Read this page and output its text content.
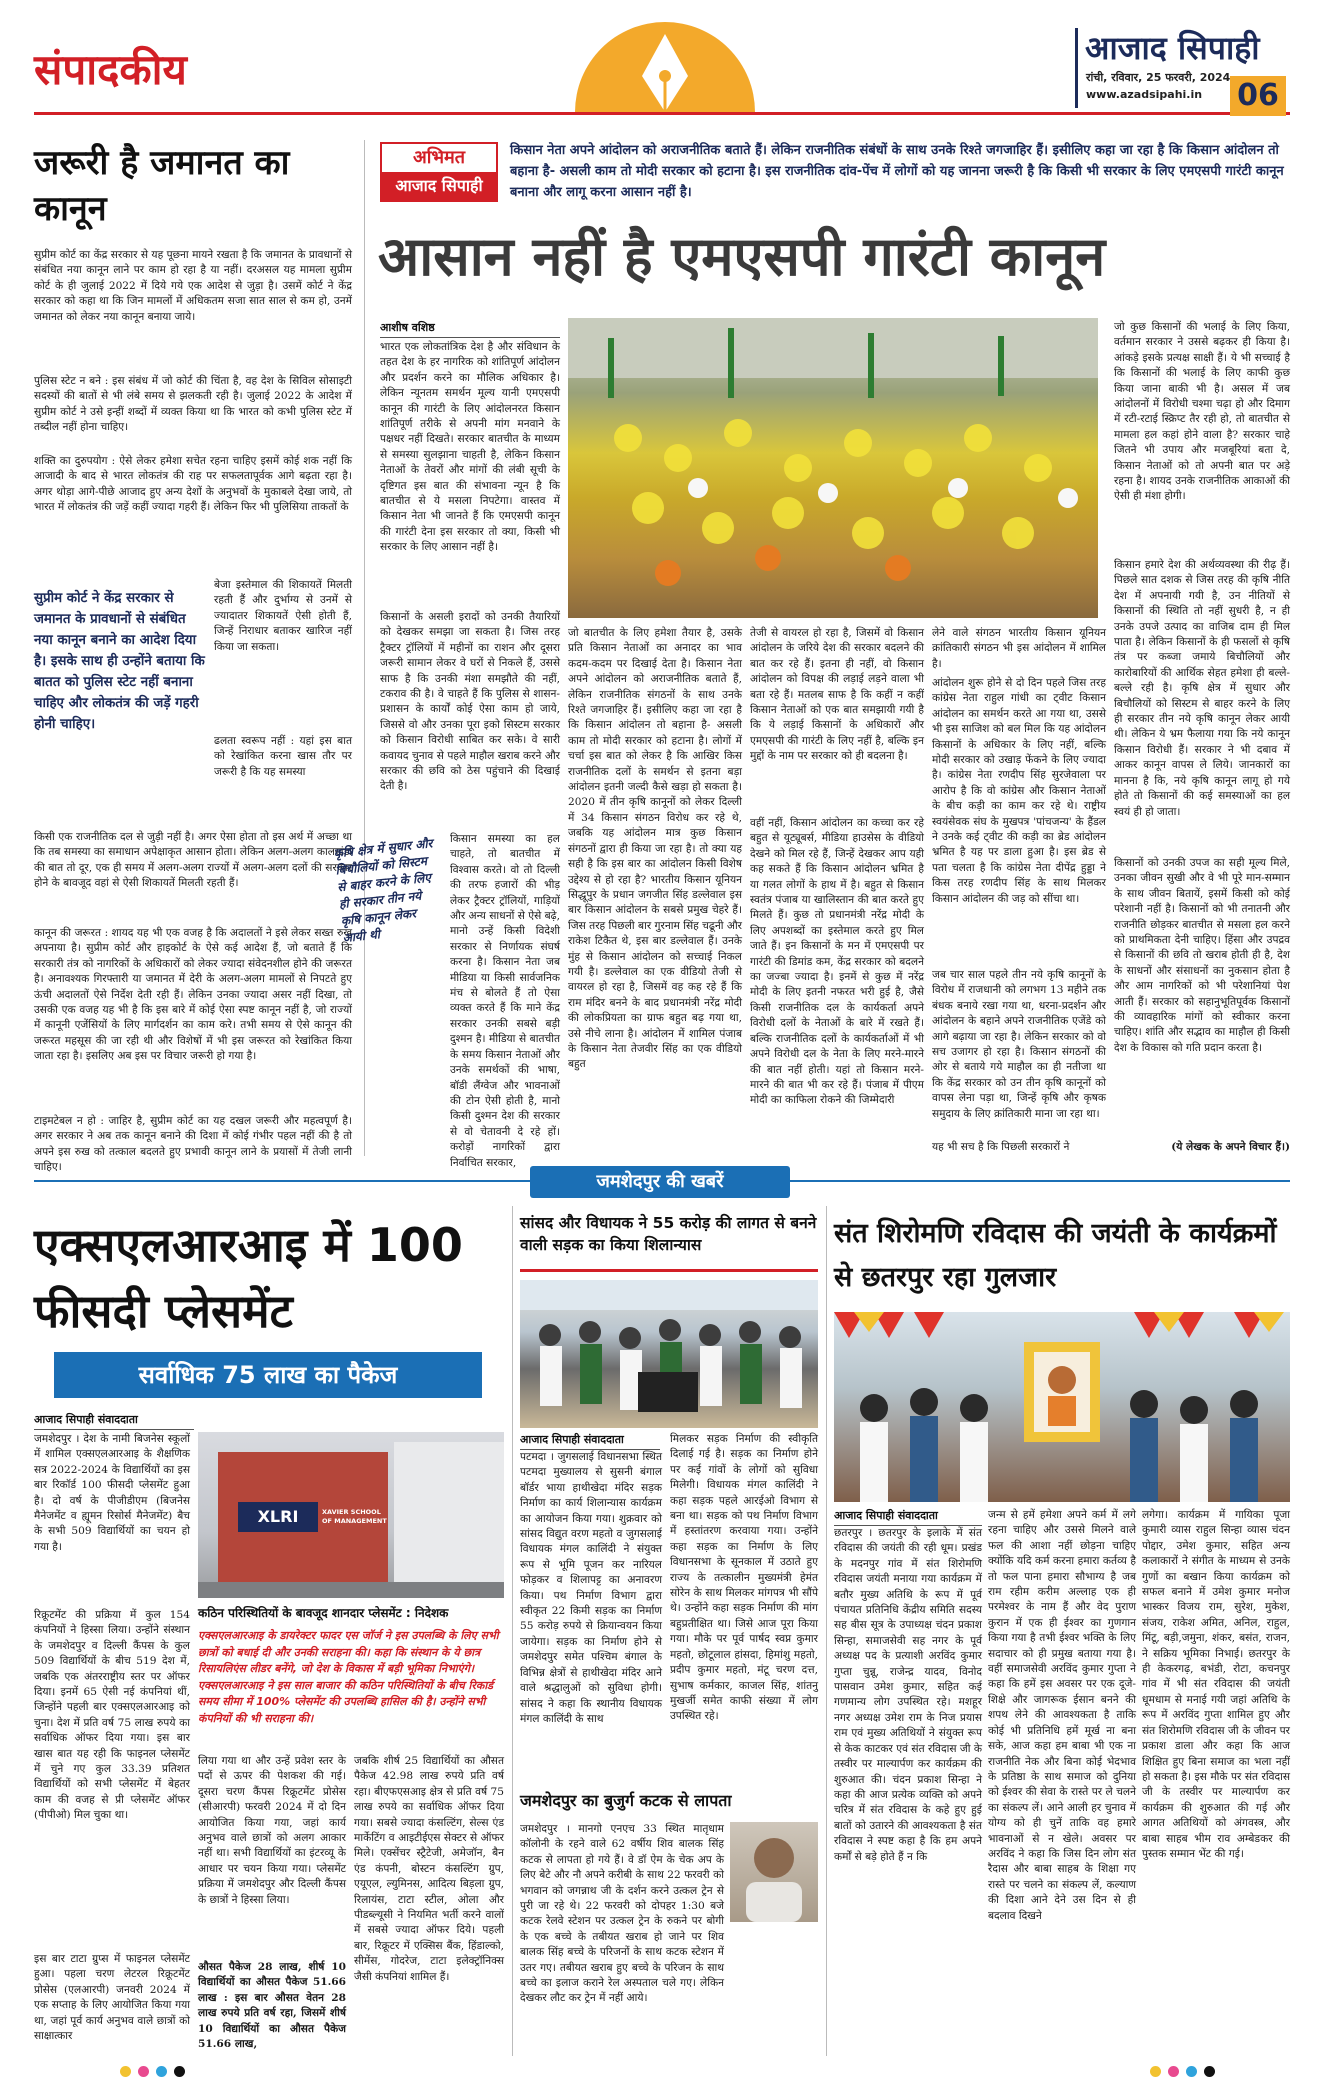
संपादकीय	आजाद सिपाही
रांची, रविवार, 25 फरवरी, 2024
www.azadsipahi.in 06
जरूरी है जमानत का कानून
सुप्रीम कोर्ट का केंद्र सरकार से यह पूछना मायने रखता है कि जमानत के प्रावधानों से संबंधित नया कानून लाने पर काम हो रहा है या नहीं। दरअसल यह मामला सुप्रीम कोर्ट के ही जुलाई 2022 में दिये गये एक आदेश से जुड़ा है। उसमें कोर्ट ने केंद्र सरकार को कहा था कि जिन मामलों में अधिकतम सजा सात साल से कम हो, उनमें जमानत को लेकर नया कानून बनाया जाये।
पुलिस स्टेट न बने : इस संबंध में जो कोर्ट की चिंता है, वह देश के सिविल सोसाइटी सदस्यों की बातों से भी लंबे समय से झलकती रही है। जुलाई 2022 के आदेश में सुप्रीम कोर्ट ने उसे इन्हीं शब्दों में व्यक्त किया था कि भारत को कभी पुलिस स्टेट में तब्दील नहीं होना चाहिए।
शक्ति का दुरुपयोग : ऐसे लेकर हमेशा सचेत रहना चाहिए इसमें कोई शक नहीं कि आजादी के बाद से भारत लोकतंत्र की राह पर सफलतापूर्वक आगे बढ़ता रहा है। अगर थोड़ा आगे-पीछे आजाद हुए अन्य देशों के अनुभवों के मुकाबले देखा जाये, तो भारत में लोकतंत्र की जड़ें कहीं ज्यादा गहरी हैं। लेकिन फिर भी पुलिसिया ताकतों के
बेजा इस्तेमाल की शिकायतें मिलती रहती हैं और दुर्भाग्य से उनमें से ज्यादातर शिकायतें ऐसी होती हैं, जिन्हें निराधार बताकर खारिज नहीं किया जा सकता।
ढलता स्वरूप नहीं : यहां इस बात को रेखांकित करना खास तौर पर जरूरी है कि यह समस्या
सुप्रीम कोर्ट ने केंद्र सरकार से जमानत के प्रावधानों से संबंधित नया कानून बनाने का आदेश दिया है। इसके साथ ही उन्होंने बताया कि बातत को पुलिस स्टेट नहीं बनाना चाहिए और लोकतंत्र की जड़ें गहरी होनी चाहिए।
किसी एक राजनीतिक दल से जुड़ी नहीं है। अगर ऐसा होता तो इस अर्थ में अच्छा था कि तब समस्या का समाधान अपेक्षाकृत आसान होता। लेकिन अलग-अलग कालखंडों की बात तो दूर, एक ही समय में अलग-अलग राज्यों में अलग-अलग दलों की सरकार होने के बावजूद वहां से ऐसी शिकायतें मिलती रहती हैं।
कानून की जरूरत : शायद यह भी एक वजह है कि अदालतों ने इसे लेकर सख्त रुख अपनाया है। सुप्रीम कोर्ट और हाइकोर्ट के ऐसे कई आदेश हैं, जो बताते हैं कि सरकारी तंत्र को नागरिकों के अधिकारों को लेकर ज्यादा संवेदनशील होने की जरूरत है। अनावश्यक गिरफ्तारी या जमानत में देरी के अलग-अलग मामलों से निपटते हुए ऊंची अदालतों ऐसे निर्देश देती रही हैं। लेकिन उनका ज्यादा असर नहीं दिखा, तो उसकी एक वजह यह भी है कि इस बारे में कोई ऐसा स्पष्ट कानून नहीं है, जो राज्यों में कानूनी एजेंसियों के लिए मार्गदर्शन का काम करे। तभी समय से ऐसे कानून की जरूरत महसूस की जा रही थी और विशेषों में भी इस जरूरत को रेखांकित किया जाता रहा है। इसलिए अब इस पर विचार जरूरी हो गया है।
टाइमटेबल न हो : जाहिर है, सुप्रीम कोर्ट का यह दखल जरूरी और महत्वपूर्ण है। अगर सरकार ने अब तक कानून बनाने की दिशा में कोई गंभीर पहल नहीं की है तो अपने इस रुख को तत्काल बदलते हुए प्रभावी कानून लाने के प्रयासों में तेजी लानी चाहिए।
अभिमत
आजाद सिपाही
किसान नेता अपने आंदोलन को अराजनीतिक बताते हैं। लेकिन राजनीतिक संबंधों के साथ उनके रिश्ते जगजाहिर हैं। इसीलिए कहा जा रहा है कि किसान आंदोलन तो बहाना है- असली काम तो मोदी सरकार को हटाना है। इस राजनीतिक दांव-पेंच में लोगों को यह जानना जरूरी है कि किसी भी सरकार के लिए एमएसपी गारंटी कानून बनाना और लागू करना आसान नहीं है।
आसान नहीं है एमएसपी गारंटी कानून
आशीष वशिष्ठ
भारत एक लोकतांत्रिक देश है और संविधान के तहत देश के हर नागरिक को शांतिपूर्ण आंदोलन और प्रदर्शन करने का मौलिक अधिकार है। लेकिन न्यूनतम समर्थन मूल्य यानी एमएसपी कानून की गारंटी के लिए आंदोलनरत किसान शांतिपूर्ण तरीके से अपनी मांग मनवाने के पक्षधर नहीं दिखते। सरकार बातचीत के माध्यम से समस्या सुलझाना चाहती है, लेकिन किसान नेताओं के तेवरों और मांगों की लंबी सूची के दृष्टिगत इस बात की संभावना न्यून है कि बातचीत से ये मसला निपटेगा। वास्तव में किसान नेता भी जानते हैं कि एमएसपी कानून की गारंटी देना इस सरकार तो क्या, किसी भी सरकार के लिए आसान नहीं है।
किसानों के असली इरादों को उनकी तैयारियों को देखकर समझा जा सकता है। जिस तरह ट्रैक्टर ट्रॉलियों में महीनों का राशन और दूसरा जरूरी सामान लेकर वे घरों से निकले हैं, उससे साफ है कि उनकी मंशा समझौते की नहीं, टकराव की है। वे चाहते हैं कि पुलिस से शासन-प्रशासन के कार्यों कोई ऐसा काम हो जाये, जिससे वो और उनका पूरा इको सिस्टम सरकार को किसान विरोधी साबित कर सके। वे सारी कवायद चुनाव से पहले माहौल खराब करने और सरकार की छवि को ठेस पहुंचाने की दिखाई देती है।
कृषि क्षेत्र में सुधार और बिचौलियों को सिस्टम से बाहर करने के लिए ही सरकार तीन नये कृषि कानून लेकर आयी थी
किसान समस्या का हल चाहते, तो बातचीत में विश्वास करते। वो तो दिल्ली की तरफ हजारों की भीड़ लेकर ट्रैक्टर ट्रॉलियों, गाड़ियों और अन्य साधनों से ऐसे बढ़े, मानो उन्हें किसी विदेशी सरकार से निर्णायक संघर्ष करना है। किसान नेता जब मीडिया या किसी सार्वजनिक मंच से बोलते हैं तो ऐसा व्यक्त करते हैं कि माने केंद्र सरकार उनकी सबसे बड़ी दुश्मन है। मीडिया से बातचीत के समय किसान नेताओं और उनके समर्थकों की भाषा, बॉडी लैंग्वेज और भावनाओं की टोन ऐसी होती है, मानो किसी दुश्मन देश की सरकार से वो चेतावनी दे रहे हों। करोड़ों नागरिकों द्वारा निर्वाचित सरकार,
जो बातचीत के लिए हमेशा तैयार है, उसके प्रति किसान नेताओं का अनादर का भाव कदम-कदम पर दिखाई देता है। किसान नेता अपने आंदोलन को अराजनीतिक बताते हैं, लेकिन राजनीतिक संगठनों के साथ उनके रिश्ते जगजाहिर हैं। इसीलिए कहा जा रहा है कि किसान आंदोलन तो बहाना है- असली काम तो मोदी सरकार को हटाना है। लोगों में चर्चा इस बात को लेकर है कि आखिर किस राजनीतिक दलों के समर्थन से इतना बड़ा आंदोलन इतनी जल्दी कैसे खड़ा हो सकता है। 2020 में तीन कृषि कानूनों को लेकर दिल्ली में 34 किसान संगठन विरोध कर रहे थे, जबकि यह आंदोलन मात्र कुछ किसान संगठनों द्वारा ही किया जा रहा है। तो क्या यह सही है कि इस बार का आंदोलन किसी विशेष उद्देश्य से हो रहा है? भारतीय किसान यूनियन सिद्धूपुर के प्रधान जगजीत सिंह डल्लेवाल इस बार किसान आंदोलन के सबसे प्रमुख चेहरे हैं। जिस तरह पिछली बार गुरनाम सिंह चढूनी और राकेश टिकैत थे, इस बार डल्लेवाल हैं। उनके मुंह से किसान आंदोलन को सच्चाई निकल गयी है। डल्लेवाल का एक वीडियो तेजी से वायरल हो रहा है, जिसमें वह कह रहे हैं कि राम मंदिर बनने के बाद प्रधानमंत्री नरेंद्र मोदी की लोकप्रियता का ग्राफ बहुत बढ़ गया था, उसे नीचे लाना है। आंदोलन में शामिल पंजाब के किसान नेता तेजवीर सिंह का एक वीडियो बहुत
तेजी से वायरल हो रहा है, जिसमें वो किसान आंदोलन के जरिये देश की सरकार बदलने की बात कर रहे हैं। इतना ही नहीं, वो किसान आंदोलन को विपक्ष की लड़ाई लड़ने वाला भी बता रहे हैं। मतलब साफ है कि कहीं न कहीं किसान नेताओं को एक बात समझायी गयी है कि ये लड़ाई किसानों के अधिकारों और एमएसपी की गारंटी के लिए नहीं है, बल्कि इन मुद्दों के नाम पर सरकार को ही बदलना है।
वहीं नहीं, किसान आंदोलन का कच्चा कर रहे बहुत से यूट्यूबर्स, मीडिया हाउसेस के वीडियो देखने को मिल रहे हैं, जिन्हें देखकर आप यही कह सकते हैं कि किसान आंदोलन भ्रमित है या गलत लोगों के हाथ में है। बहुत से किसान स्वतंत्र पंजाब या खालिस्तान की बात करते हुए मिलते हैं। कुछ तो प्रधानमंत्री नरेंद्र मोदी के लिए अपशब्दों का इस्तेमाल करते हुए मिल जाते हैं। इन किसानों के मन में एमएसपी पर गारंटी की डिमांड कम, केंद्र सरकार को बदलने का जज्बा ज्यादा है। इनमें से कुछ में नरेंद्र मोदी के लिए इतनी नफरत भरी हुई है, जैसे किसी राजनीतिक दल के कार्यकर्ता अपने विरोधी दलों के नेताओं के बारे में रखते हैं। बल्कि राजनीतिक दलों के कार्यकर्ताओं में भी अपने विरोधी दल के नेता के लिए मरने-मारने की बात नहीं होती। यहां तो किसान मरने-मारने की बात भी कर रहे हैं। पंजाब में पीएम मोदी का काफिला रोकने की जिम्मेदारी
लेने वाले संगठन भारतीय किसान यूनियन क्रांतिकारी संगठन भी इस आंदोलन में शामिल है।
आंदोलन शुरू होने से दो दिन पहले जिस तरह कांग्रेस नेता राहुल गांधी का ट्वीट किसान आंदोलन का समर्थन करते आ गया था, उससे भी इस साजिश को बल मिल कि यह आंदोलन किसानों के अधिकार के लिए नहीं, बल्कि मोदी सरकार को उखाड़ फेंकने के लिए ज्यादा है। कांग्रेस नेता रणदीप सिंह सुरजेवाला पर आरोप है कि वो कांग्रेस और किसान नेताओं के बीच कड़ी का काम कर रहे थे। राष्ट्रीय स्वयंसेवक संघ के मुखपत्र 'पांचजन्य' के हैंडल ने उनके कई ट्वीट की कड़ी का ब्रेड आंदोलन भ्रमित है यह पर डाला हुआ है। इस ब्रेड से पता चलता है कि कांग्रेस नेता दीपेंद्र हुड्डा ने किस तरह रणदीप सिंह के साथ मिलकर किसान आंदोलन की जड़ को सींचा था।
जब चार साल पहले तीन नये कृषि कानूनों के विरोध में राजधानी को लगभग 13 महीने तक बंधक बनाये रखा गया था, धरना-प्रदर्शन और आंदोलन के बहाने अपने राजनीतिक एजेंडे को आगे बढ़ाया जा रहा है। लेकिन सरकार को वो सच उजागर हो रहा है। किसान संगठनों की ओर से बताये गये माहौल का ही नतीजा था कि केंद्र सरकार को उन तीन कृषि कानूनों को वापस लेना पड़ा था, जिन्हें कृषि और कृषक समुदाय के लिए क्रांतिकारी माना जा रहा था।
यह भी सच है कि पिछली सरकारों ने
जो कुछ किसानों की भलाई के लिए किया, वर्तमान सरकार ने उससे बढ़कर ही किया है। आंकड़े इसके प्रत्यक्ष साक्षी हैं। ये भी सच्चाई है कि किसानों की भलाई के लिए काफी कुछ किया जाना बाकी भी है। असल में जब आंदोलनों में विरोधी चश्मा चढ़ा हो और दिमाग में रटी-रटाई स्क्रिप्ट तैर रही हो, तो बातचीत से मामला हल कहां होने वाला है? सरकार चाहे जितने भी उपाय और मजबूरियां बता दे, किसान नेताओं को तो अपनी बात पर अड़े रहना है। शायद उनके राजनीतिक आकाओं की ऐसी ही मंशा होगी।
किसान हमारे देश की अर्थव्यवस्था की रीढ़ हैं। पिछले सात दशक से जिस तरह की कृषि नीति देश में अपनायी गयी है, उन नीतियों से किसानों की स्थिति तो नहीं सुधरी है, न ही उनके उपजे उत्पाद का वाजिब दाम ही मिल पाता है। लेकिन किसानों के ही फसलों से कृषि तंत्र पर कब्जा जमाये बिचौलियों और कारोबारियों की आर्थिक सेहत हमेशा ही बल्ले-बल्ले रही है। कृषि क्षेत्र में सुधार और बिचौलियों को सिस्टम से बाहर करने के लिए ही सरकार तीन नये कृषि कानून लेकर आयी थी। लेकिन ये भ्रम फैलाया गया कि नये कानून किसान विरोधी हैं। सरकार ने भी दबाव में आकर कानून वापस ले लिये। जानकारों का मानना है कि, नये कृषि कानून लागू हो गये होते तो किसानों की कई समस्याओं का हल स्वयं ही हो जाता।
किसानों को उनकी उपज का सही मूल्य मिले, उनका जीवन सुखी और वे भी पूरे मान-सम्मान के साथ जीवन बितायें, इसमें किसी को कोई परेशानी नहीं है। किसानों को भी तनातनी और राजनीति छोड़कर बातचीत से मसला हल करने को प्राथमिकता देनी चाहिए। हिंसा और उपद्रव से किसानों की छवि तो खराब होती ही है, देश के साधनों और संसाधनों का नुकसान होता है और आम नागरिकों को भी परेशानियां पेश आती हैं। सरकार को सहानुभूतिपूर्वक किसानों की व्यावहारिक मांगों को स्वीकार करना चाहिए। शांति और सद्भाव का माहौल ही किसी देश के विकास को गति प्रदान करता है।
(ये लेखक के अपने विचार हैं।)
जमशेदपुर की खबरें
एक्सएलआरआइ में 100 फीसदी प्लेसमेंट
सर्वाधिक 75 लाख का पैकेज
आजाद सिपाही संवाददाता
जमशेदपुर । देश के नामी बिजनेस स्कूलों में शामिल एक्सएलआरआइ के शैक्षणिक सत्र 2022-2024 के विद्यार्थियों का इस बार रिकॉर्ड 100 फीसदी प्लेसमेंट हुआ है। दो वर्ष के पीजीडीएम (बिजनेस मैनेजमेंट व ह्यूमन रिसोर्स मैनेजमेंट) बैच के सभी 509 विद्यार्थियों का चयन हो गया है।
रिक्रूटमेंट की प्रक्रिया में कुल 154 कंपनियों ने हिस्सा लिया। उन्होंने संस्थान के जमशेदपुर व दिल्ली कैंपस के कुल 509 विद्यार्थियों के बीच 519 देश में, जबकि एक अंतरराष्ट्रीय स्तर पर ऑफर दिया। इनमें 65 ऐसी नई कंपनियां थीं, जिन्होंने पहली बार एक्सएलआरआइ को चुना। देश में प्रति वर्ष 75 लाख रुपये का सर्वाधिक ऑफर दिया गया। इस बार खास बात यह रही कि फाइनल प्लेसमेंट में चुने गए कुल 33.39 प्रतिशत विद्यार्थियों को सभी प्लेसमेंट में बेहतर काम की वजह से प्री प्लेसमेंट ऑफर (पीपीओ) मिल चुका था।
इस बार टाटा ग्रुप्स में फाइनल प्लेसमेंट हुआ। पहला चरण लेटरल रिक्रूटमेंट प्रोसेस (एलआरपी) जनवरी 2024 में एक सप्ताह के लिए आयोजित किया गया था, जहां पूर्व कार्य अनुभव वाले छात्रों को साक्षात्कार
XLRI	XAVIER SCHOOL OF MANAGEMENT
कठिन परिस्थितियों के बावजूद शानदार प्लेसमेंट : निदेशक
एक्सएलआरआइ के डायरेक्टर फादर एस जॉर्ज ने इस उपलब्धि के लिए सभी छात्रों को बधाई दी और उनकी सराहना की। कहा कि संस्थान के ये छात्र रिसायलिएंस लीडर बनेंगे, जो देश के विकास में बड़ी भूमिका निभाएंगे। एक्सएलआरआइ ने इस साल बाजार की कठिन परिस्थितियों के बीच रिकार्ड समय सीमा में 100% प्लेसमेंट की उपलब्धि हासिल की है। उन्होंने सभी कंपनियों की भी सराहना की।
लिया गया था और उन्हें प्रवेश स्तर के पदों से ऊपर की पेशकश की गई। दूसरा चरण कैंपस रिक्रूटमेंट प्रोसेस (सीआरपी) फरवरी 2024 में दो दिन आयोजित किया गया, जहां कार्य अनुभव वाले छात्रों को अलग आकार नहीं था। सभी विद्यार्थियों का इंटरव्यू के आधार पर चयन किया गया। प्लेसमेंट प्रक्रिया में जमशेदपुर और दिल्ली कैंपस के छात्रों ने हिस्सा लिया।
औसत पैकेज 28 लाख, शीर्ष 10 विद्यार्थियों का औसत पैकेज 51.66 लाख : इस बार औसत वेतन 28 लाख रुपये प्रति वर्ष रहा, जिसमें शीर्ष 10 विद्यार्थियों का औसत पैकेज 51.66 लाख,
जबकि शीर्ष 25 विद्यार्थियों का औसत पैकेज 42.98 लाख रुपये प्रति वर्ष रहा। बीएफएसआइ क्षेत्र से प्रति वर्ष 75 लाख रुपये का सर्वाधिक ऑफर दिया गया। सबसे ज्यादा कंसल्टिंग, सेल्स एंड मार्केटिंग व आइटीईएस सेक्टर से ऑफर मिले। एक्सेंचर स्ट्रैटेजी, अमेजॉन, बैन एंड कंपनी, बोस्टन कंसल्टिंग ग्रुप, एयूएल, ल्युमिनस, आदित्य बिड़ला ग्रुप, रिलायंस, टाटा स्टील, ओला और पीडब्ल्यूसी ने नियमित भर्ती करने वालों में सबसे ज्यादा ऑफर दिये। पहली बार, रिक्रूटर में एक्सिस बैंक, हिंडाल्को, सीमेंस, गोदरेज, टाटा इलेक्ट्रॉनिक्स जैसी कंपनियां शामिल हैं।
सांसद और विधायक ने 55 करोड़ की लागत से बनने वाली सड़क का किया शिलान्यास
आजाद सिपाही संवाददाता
पटमदा । जुगसलाई विधानसभा स्थित पटमदा मुख्यालय से सुसनी बंगाल बॉर्डर भाया हाथीखेदा मंदिर सड़क निर्माण का कार्य शिलान्यास कार्यक्रम का आयोजन किया गया। शुक्रवार को सांसद विद्युत वरण महतो व जुगसलाई विधायक मंगल कालिंदी ने संयुक्त रूप से भूमि पूजन कर नारियल फोड़कर व शिलापट्ट का अनावरण किया। पथ निर्माण विभाग द्वारा स्वीकृत 22 किमी सड़क का निर्माण 55 करोड़ रुपये से क्रियान्वयन किया जायेगा। सड़क का निर्माण होने से जमशेदपुर समेत पश्चिम बंगाल के विभिन्न क्षेत्रों से हाथीखेदा मंदिर आने वाले श्रद्धालुओं को सुविधा होगी। सांसद ने कहा कि स्थानीय विधायक मंगल कालिंदी के साथ
मिलकर सड़क निर्माण की स्वीकृति दिलाई गई है। सड़क का निर्माण होने पर कई गांवों के लोगों को सुविधा मिलेगी। विधायक मंगल कालिंदी ने कहा सड़क पहले आरईओ विभाग से बना था। सड़क को पथ निर्माण विभाग में हस्तांतरण करवाया गया। उन्होंने कहा सड़क का निर्माण के लिए विधानसभा के सूनकाल में उठाते हुए राज्य के तत्कालीन मुख्यमंत्री हेमंत सोरेन के साथ मिलकर मांगपत्र भी सौंपे थे। उन्होंने कहा सड़क निर्माण की मांग बहुप्रतीक्षित था। जिसे आज पूरा किया गया। मौके पर पूर्व पार्षद स्वप्न कुमार महतो, छोटूलाल हांसदा, हिमांशु महतो, प्रदीप कुमार महतो, मंटू चरण दत्त, सुभाष कर्मकार, काजल सिंह, शांतनु मुखर्जी समेत काफी संख्या में लोग उपस्थित रहे।
जमशेदपुर का बुजुर्ग कटक से लापता
जमशेदपुर । मानगो एनएच 33 स्थित मातृधाम कॉलोनी के रहने वाले 62 वर्षीय शिव बालक सिंह कटक से लापता हो गये हैं। वे डॉ ऐम के चेक अप के लिए बेटे और नौ अपने करीबी के साथ 22 फरवरी को भगवान को जगन्नाथ जी के दर्शन करने उत्कल ट्रेन से पुरी जा रहे थे। 22 फरवरी को दोपहर 1:30 बजे कटक रेलवे स्टेशन पर उत्कल ट्रेन के रुकने पर बोगी के एक बच्चे के तबीयत खराब हो जाने पर शिव बालक सिंह बच्चे के परिजनों के साथ कटक स्टेशन में उतर गए। तबीयत खराब हुए बच्चे के परिजन के साथ बच्चे का इलाज कराने रेल अस्पताल चले गए। लेकिन देखकर लौट कर ट्रेन में नहीं आये।
संत शिरोमणि रविदास की जयंती के कार्यक्रमों से छतरपुर रहा गुलजार
आजाद सिपाही संवाददाता
छतरपुर । छतरपुर के इलाके में संत रविदास की जयंती की रही धूम। प्रखंड के मदनपुर गांव में संत शिरोमणि रविदास जयंती मनाया गया कार्यक्रम में बतौर मुख्य अतिथि के रूप में पूर्व पंचायत प्रतिनिधि केंद्रीय समिति सदस्य सह बीस सूत्र के उपाध्यक्ष चंदन प्रकाश सिन्हा, समाजसेवी सह नगर के पूर्व अध्यक्ष पद के प्रत्याशी अरविंद कुमार गुप्ता चुन्नू, राजेन्द्र यादव, विनोद पासवान उमेश कुमार, सहित कई गणमान्य लोग उपस्थित रहे। मशहूर नगर अध्यक्ष उमेश राम के निज प्रयास राम एवं मुख्य अतिथियों ने संयुक्त रूप से केक काटकर एवं संत रविदास जी के तस्वीर पर माल्यार्पण कर कार्यक्रम की शुरुआत की। चंदन प्रकाश सिन्हा ने कहा की आज प्रत्येक व्यक्ति को अपने चरित्र में संत रविदास के कहे हुए हुई बातों को उतारने की आवश्यकता है संत रविदास ने स्पष्ट कहा है कि हम अपने कर्मों से बड़े होते हैं न कि
जन्म से हमें हमेशा अपने कर्म में लगे रहना चाहिए और उससे मिलने वाले फल की आशा नहीं छोड़ना चाहिए क्योंकि यदि कर्म करना हमारा कर्तव्य है तो फल पाना हमारा सौभाग्य है जब राम रहीम करीम अल्लाह एक ही परमेश्वर के नाम हैं और वेद पुराण कुरान में एक ही ईश्वर का गुणगान किया गया है तभी ईश्वर भक्ति के लिए सदाचार को ही प्रमुख बताया गया है। वहीं समाजसेवी अरविंद कुमार गुप्ता ने कहा कि हमें इस अवसर पर एक दूजे-शिक्षे और जागरूक ईसान बनने की शपथ लेने की आवश्यकता है ताकि कोई भी प्रतिनिधि हमें मूर्ख ना बना सके, आज कहा हम बाबा भी एक ना राजनीति नेक और बिना कोई भेदभाव के प्रतिष्ठा के साथ समाज को दुनिया को ईश्वर की सेवा के रास्ते पर ले चलने का संकल्प लें। आने आली हर चुनाव में योग्य को ही चुनें ताकि वह हमारे भावनाओं से न खेले। अवसर पर अरविंद ने कहा कि जिस दिन लोग संत रैदास और बाबा साहब के शिक्षा गए रास्ते पर चलने का संकल्प लें, कल्याण की दिशा आने देने उस दिन से ही बदलाव दिखने
लगेगा। कार्यक्रम में गायिका पूजा कुमारी व्यास राहुल सिन्हा व्यास चंदन पोद्दार, उमेश कुमार, सहित अन्य कलाकारों ने संगीत के माध्यम से उनके गुणों का बखान किया कार्यक्रम को सफल बनाने में उमेश कुमार मनोज भास्कर विजय राम, सुरेश, मुकेश, संजय, राकेश अमित, अनिल, राहुल, मिंटू, बड़ी,जमुना, शंकर, बसंत, राजन, ने सक्रिय भूमिका निभाई। छतरपुर के ही केकरगढ़, बभंडी, रोटा, कचनपुर गांव में भी संत रविदास की जयंती धूमधाम से मनाई गयी जहां अतिथि के रूप में अरविंद गुप्ता शामिल हुए और संत शिरोमणि रविदास जी के जीवन पर प्रकाश डाला और कहा कि आज शिक्षित हुए बिना समाज का भला नहीं हो सकता है। इस मौके पर संत रविदास जी के तस्वीर पर माल्यार्पण कर कार्यक्रम की शुरुआत की गई और आगत अतिथियों को अंगवस्त्र, और बाबा साहब भीम राव अम्बेडकर की पुस्तक सम्मान भेंट की गई।
